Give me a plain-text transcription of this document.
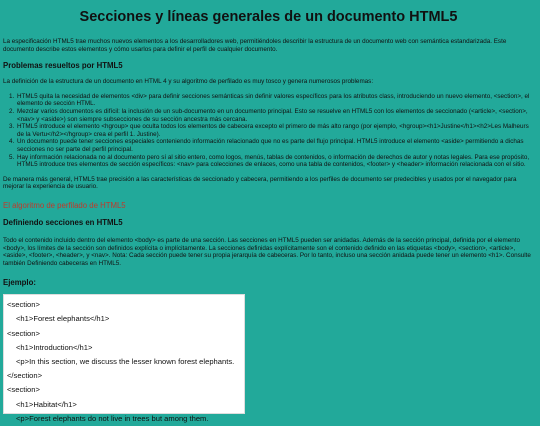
Secciones y líneas generales de un documento HTML5

La especificación HTML5 trae muchos nuevos elementos a los desarrolladores web, permitiéndoles describir la estructura de un documento web con semántica estandarizada. Este documento describe estos elementos y cómo usarlos para definir el perfil de cualquier documento.

Problemas resueltos por HTML5

La definición de la estructura de un documento en HTML 4 y su algoritmo de perfilado es muy tosco y genera numerosos problemas:

1. HTML5 quita la necesidad de elementos <div> para definir secciones semánticas sin definir valores específicos para los atributos class, introduciendo un nuevo elemento, <section>, el elemento de sección HTML.
2. Mezclar varios documentos es difícil: la inclusión de un sub-documento en un documento principal. Esto se resuelve en HTML5 con los elementos de seccionado (<article>, <section>, <nav> y <aside>) son siempre subsecciones de su sección ancestra más cercana.
3. HTML5 introduce el elemento <hgroup> que oculta todos los elementos de cabecera excepto el primero de más alto rango (por ejemplo, <hgroup><h1>Justine</h1><h2>Les Malheurs de la Vertu</h2></hgroup> crea el perfil 1. Justine).
4. Un documento puede tener secciones especiales conteniendo información relacionado que no es parte del flujo principal. HTML5 introduce el elemento <aside> permitiendo a dichas secciones no ser parte del perfil principal.
5. Hay información relacionada no al documento pero sí al sitio entero, como logos, menús, tablas de contenidos, o información de derechos de autor y notas legales. Para ese propósito, HTML5 introduce tres elementos de sección específicos: <nav> para colecciones de enlaces, como una tabla de contenidos, <footer> y <header> información relacionada con el sitio.

De manera más general, HTML5 trae precisión a las características de seccionado y cabecera, permitiendo a los perfiles de documento ser predecibles y usados por el navegador para mejorar la experiencia de usuario.

El algoritmo de perfilado de HTML5
Definiendo secciones en HTML5

Todo el contenido incluido dentro del elemento <body> es parte de una sección. Las secciones en HTML5 pueden ser anidadas. Además de la sección principal, definida por el elemento <body>, los límites de la sección son definidos explícita o implícitamente. La secciones definidas explícitamente son el contenido definido en las etiquetas <body>, <section>, <article>, <aside>, <footer>, <header>, y <nav>. Nota: Cada sección puede tener su propia jerarquía de cabeceras. Por lo tanto, incluso una sección anidada puede tener un elemento <h1>. Consulte también Definiendo cabeceras en HTML5.

Ejemplo:
<section>
<h1>Forest elephants</h1>
<section>
<h1>Introduction</h1>
<p>In this section, we discuss the lesser known forest elephants.
</section>
<section>
<h1>Habitat</h1>
<p>Forest elephants do not live in trees but among them.
